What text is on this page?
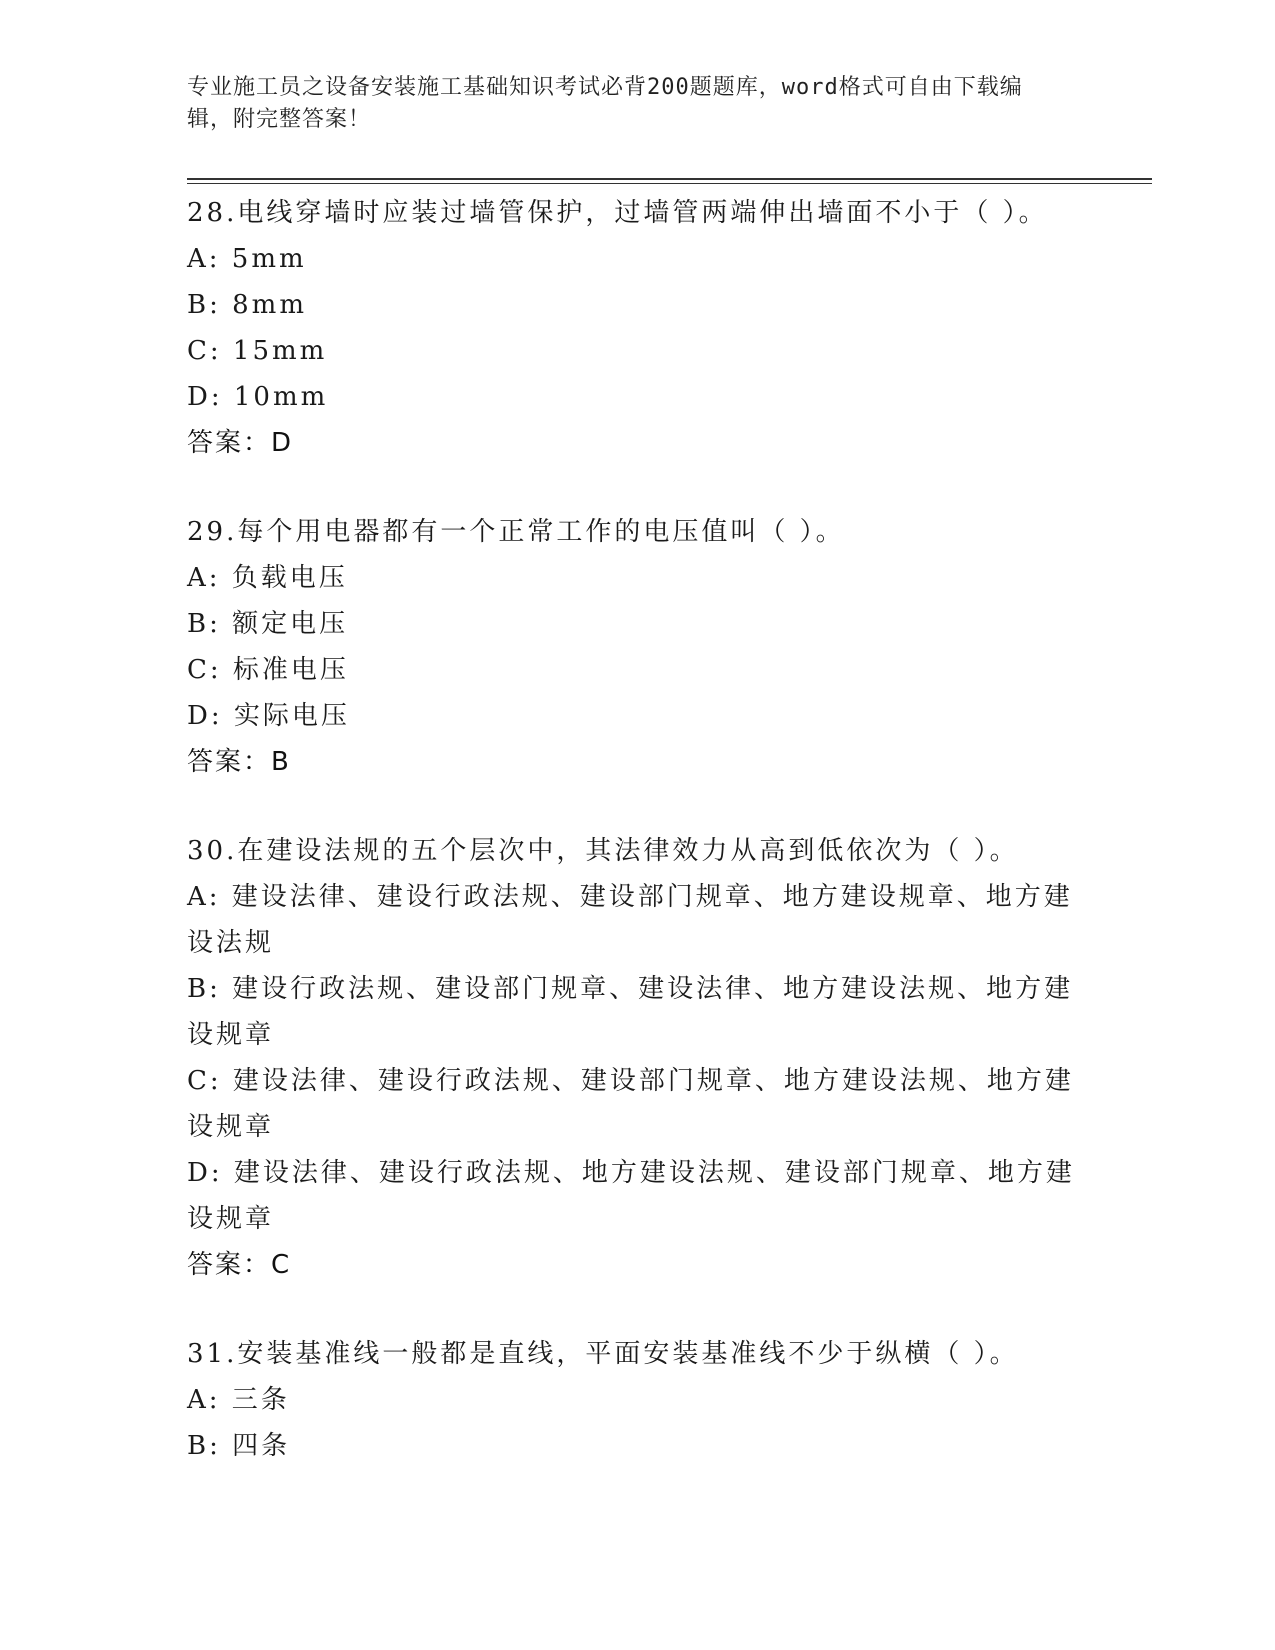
专业施工员之设备安装施工基础知识考试必背200题题库，word格式可自由下载编辑，附完整答案！
28.电线穿墙时应装过墙管保护，过墙管两端伸出墙面不小于（ ）。
A: 5mm
B: 8mm
C: 15mm
D: 10mm
答案：D
29.每个用电器都有一个正常工作的电压值叫（ ）。
A: 负载电压
B: 额定电压
C: 标准电压
D: 实际电压
答案：B
30.在建设法规的五个层次中，其法律效力从高到低依次为（ ）。
A: 建设法律、建设行政法规、建设部门规章、地方建设规章、地方建设法规
B: 建设行政法规、建设部门规章、建设法律、地方建设法规、地方建设规章
C: 建设法律、建设行政法规、建设部门规章、地方建设法规、地方建设规章
D: 建设法律、建设行政法规、地方建设法规、建设部门规章、地方建设规章
答案：C
31.安装基准线一般都是直线，平面安装基准线不少于纵横（ ）。
A: 三条
B: 四条
